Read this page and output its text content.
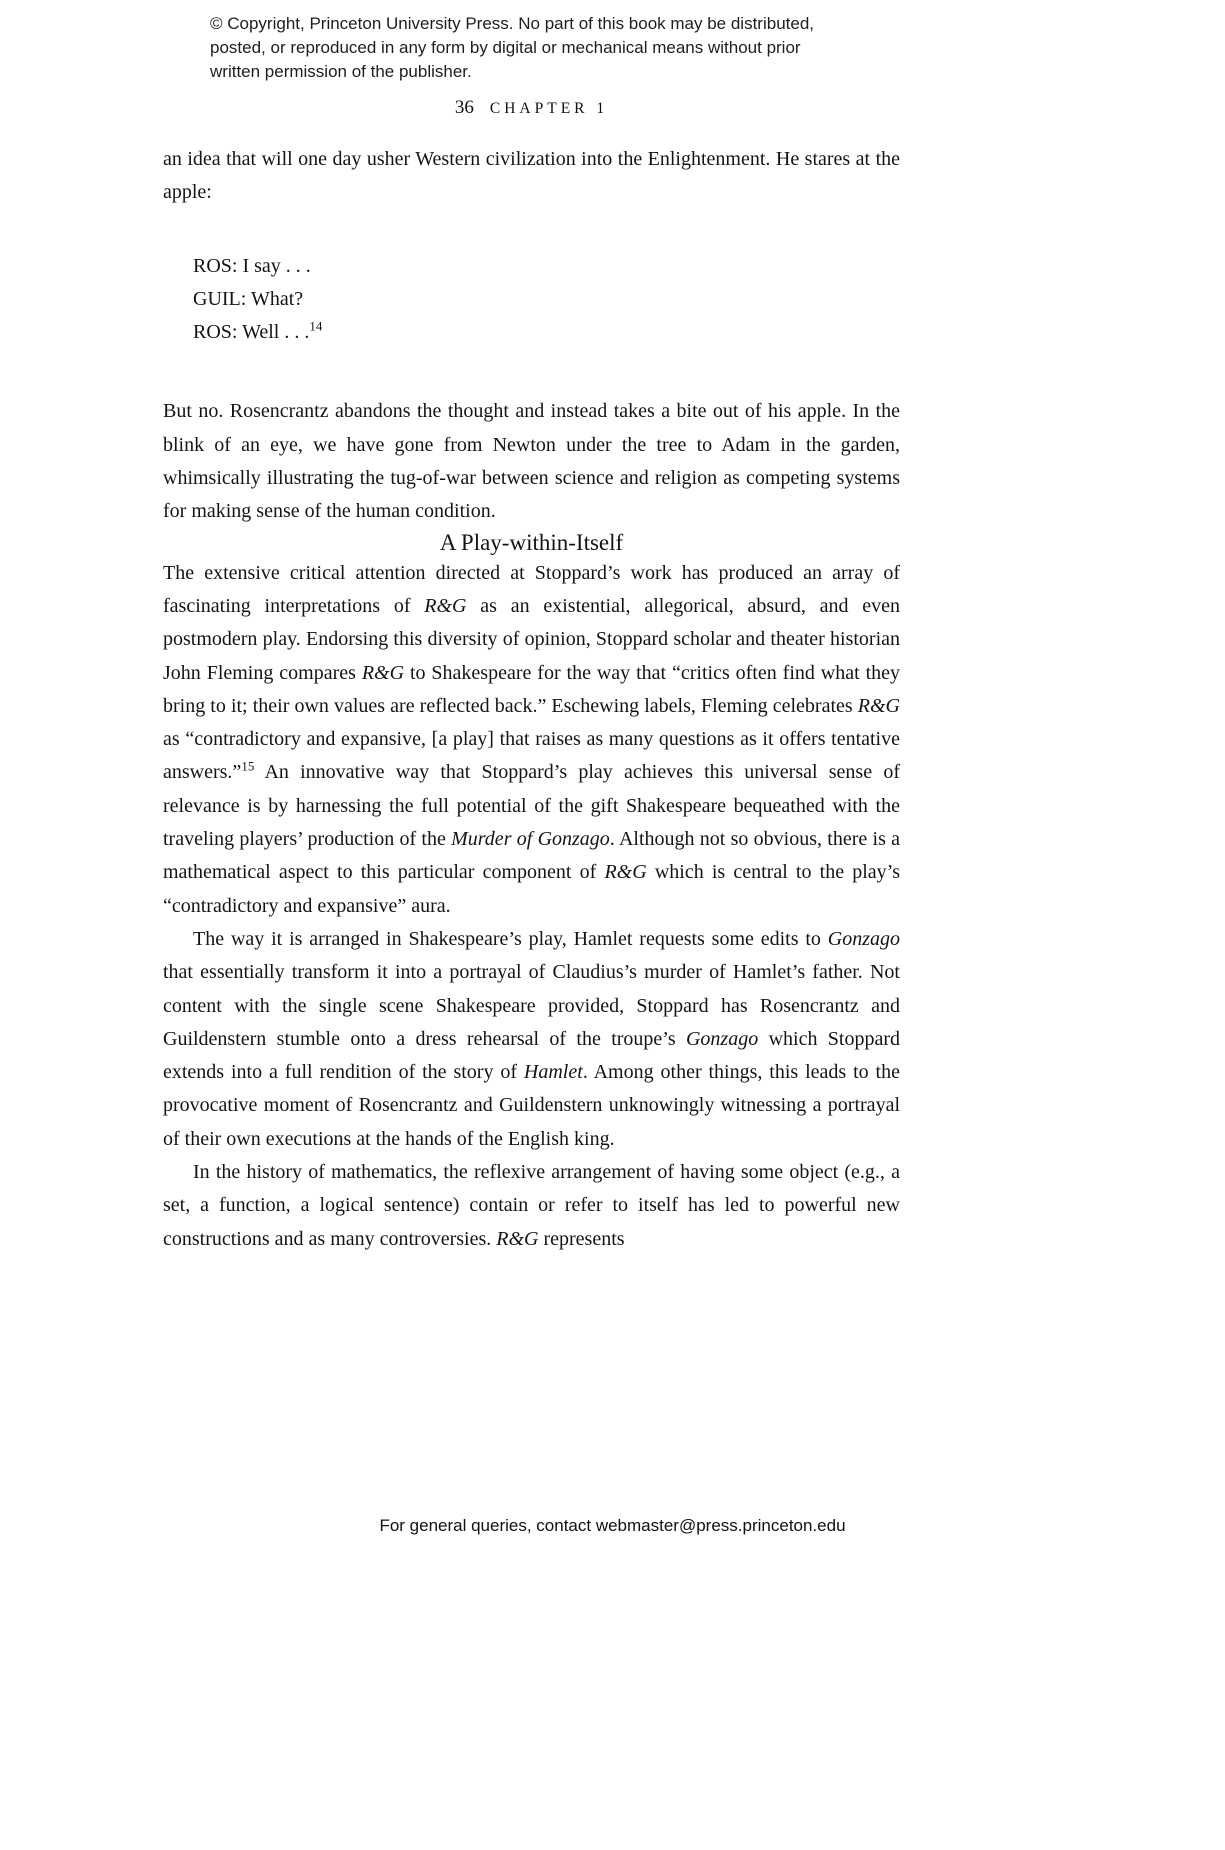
© Copyright, Princeton University Press. No part of this book may be distributed, posted, or reproduced in any form by digital or mechanical means without prior written permission of the publisher.
36 CHAPTER 1

an idea that will one day usher Western civilization into the Enlightenment. He stares at the apple:

ROS: I say . . .
GUIL: What?
ROS: Well . . .$^{14}$

But no. Rosencrantz abandons the thought and instead takes a bite out of his apple. In the blink of an eye, we have gone from Newton under the tree to Adam in the garden, whimsically illustrating the tug-of-war between science and religion as competing systems for making sense of the human condition.

A Play-within-Itself

The extensive critical attention directed at Stoppard’s work has produced an array of fascinating interpretations of R&G as an existential, allegorical, absurd, and even postmodern play. Endorsing this diversity of opinion, Stoppard scholar and theater historian John Fleming compares R&G to Shakespeare for the way that “critics often find what they bring to it; their own values are reflected back.” Eschewing labels, Fleming celebrates R&G as “contradictory and expansive, [a play] that raises as many questions as it offers tentative answers.”$^{15}$ An innovative way that Stoppard’s play achieves this universal sense of relevance is by harnessing the full potential of the gift Shakespeare bequeathed with the traveling players’ production of the Murder of Gonzago. Although not so obvious, there is a mathematical aspect to this particular component of R&G which is central to the play’s “contradictory and expansive” aura.

The way it is arranged in Shakespeare’s play, Hamlet requests some edits to Gonzago that essentially transform it into a portrayal of Claudius’s murder of Hamlet’s father. Not content with the single scene Shakespeare provided, Stoppard has Rosencrantz and Guildenstern stumble onto a dress rehearsal of the troupe’s Gonzago which Stoppard extends into a full rendition of the story of Hamlet. Among other things, this leads to the provocative moment of Rosencrantz and Guildenstern unknowingly witnessing a portrayal of their own executions at the hands of the English king.

In the history of mathematics, the reflexive arrangement of having some object (e.g., a set, a function, a logical sentence) contain or refer to itself has led to powerful new constructions and as many controversies. R&G represents

For general queries, contact webmaster@press.princeton.edu
